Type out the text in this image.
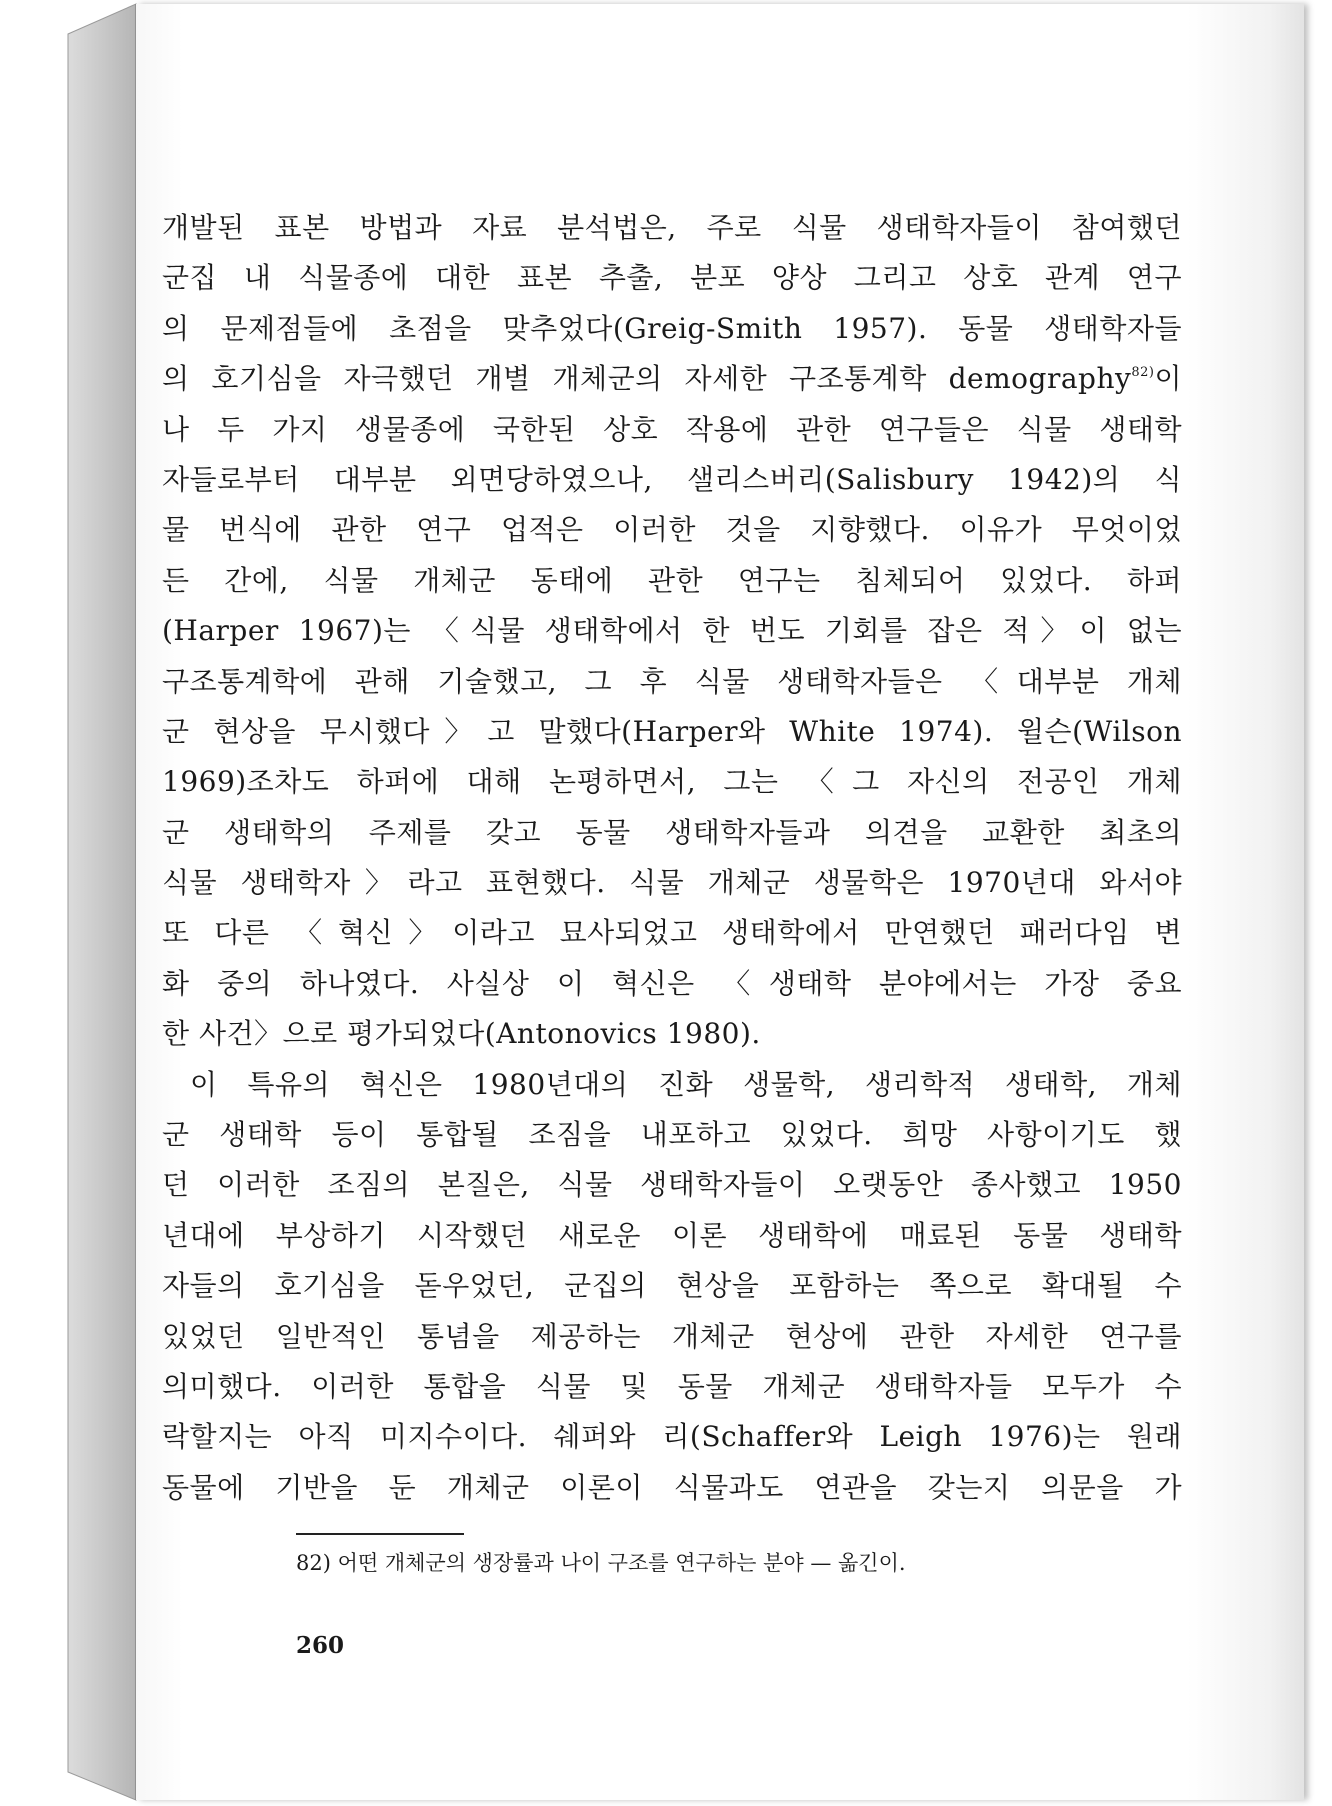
개발된 표본 방법과 자료 분석법은, 주로 식물 생태학자들이 참여했던
군집 내 식물종에 대한 표본 추출, 분포 양상 그리고 상호 관계 연구
의 문제점들에 초점을 맞추었다(Greig-Smith 1957). 동물 생태학자들
의 호기심을 자극했던 개별 개체군의 자세한 구조통계학 demography$^{82)}$이
나 두 가지 생물종에 국한된 상호 작용에 관한 연구들은 식물 생태학
자들로부터 대부분 외면당하였으나, 샐리스버리(Salisbury 1942)의 식
물 번식에 관한 연구 업적은 이러한 것을 지향했다. 이유가 무엇이었
든 간에, 식물 개체군 동태에 관한 연구는 침체되어 있었다. 하퍼
(Harper 1967)는 〈식물 생태학에서 한 번도 기회를 잡은 적〉이 없는
구조통계학에 관해 기술했고, 그 후 식물 생태학자들은 〈대부분 개체
군 현상을 무시했다〉고 말했다(Harper와 White 1974). 윌슨(Wilson
1969)조차도 하퍼에 대해 논평하면서, 그는 〈그 자신의 전공인 개체
군 생태학의 주제를 갖고 동물 생태학자들과 의견을 교환한 최초의
식물 생태학자〉라고 표현했다. 식물 개체군 생물학은 1970년대 와서야
또 다른 〈혁신〉이라고 묘사되었고 생태학에서 만연했던 패러다임 변
화 중의 하나였다. 사실상 이 혁신은 〈생태학 분야에서는 가장 중요
한 사건〉으로 평가되었다(Antonovics 1980).
이 특유의 혁신은 1980년대의 진화 생물학, 생리학적 생태학, 개체
군 생태학 등이 통합될 조짐을 내포하고 있었다. 희망 사항이기도 했
던 이러한 조짐의 본질은, 식물 생태학자들이 오랫동안 종사했고 1950
년대에 부상하기 시작했던 새로운 이론 생태학에 매료된 동물 생태학
자들의 호기심을 돋우었던, 군집의 현상을 포함하는 쪽으로 확대될 수
있었던 일반적인 통념을 제공하는 개체군 현상에 관한 자세한 연구를
의미했다. 이러한 통합을 식물 및 동물 개체군 생태학자들 모두가 수
락할지는 아직 미지수이다. 쉐퍼와 리(Schaffer와 Leigh 1976)는 원래
동물에 기반을 둔 개체군 이론이 식물과도 연관을 갖는지 의문을 가
82) 어떤 개체군의 생장률과 나이 구조를 연구하는 분야 — 옮긴이.
260
